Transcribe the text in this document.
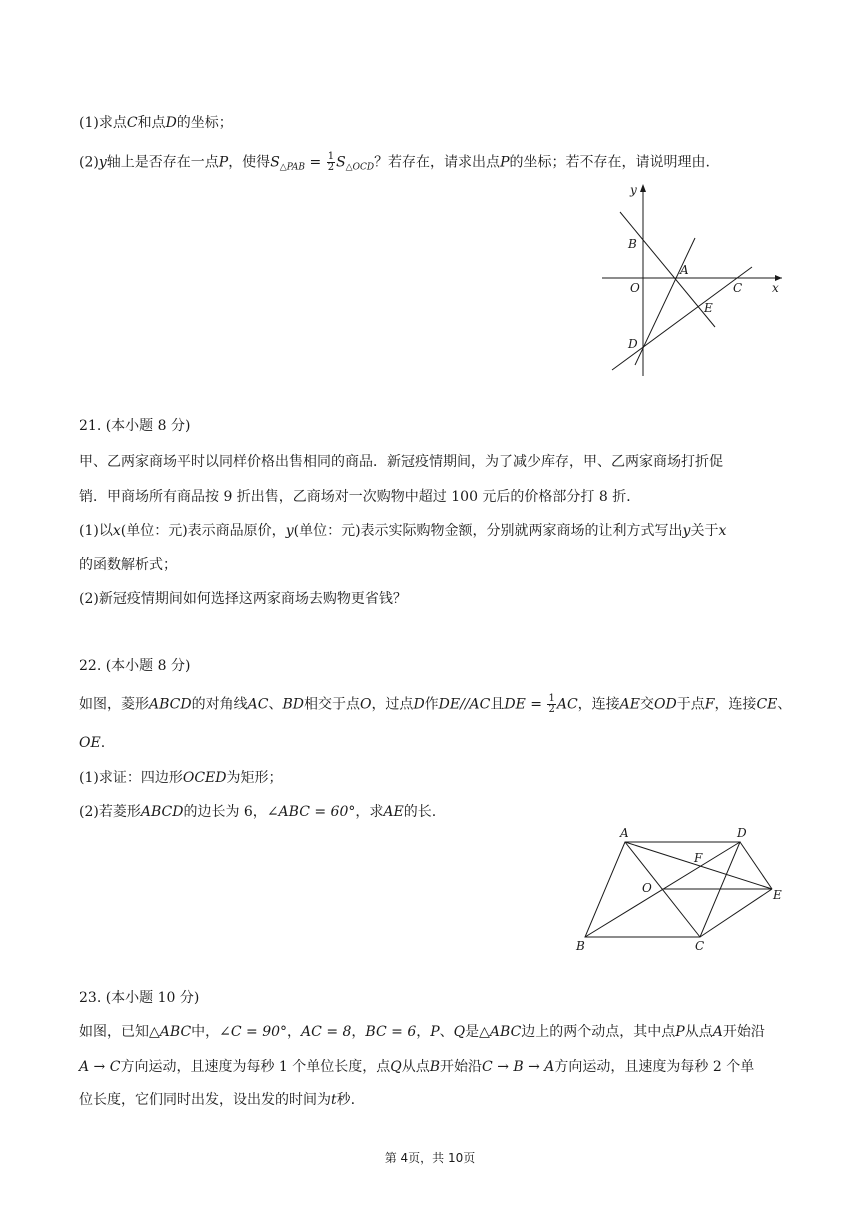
(1)求点C和点D的坐标；
(2)y轴上是否存在一点P，使得$S_{\triangle PAB} = \frac{1}{2} S_{\triangle OCD}$？若存在，请求出点P的坐标；若不存在，请说明理由.
y
x
B
A
O	C
E
D
21. (本小题 8 分)
甲、乙两家商场平时以同样价格出售相同的商品．新冠疫情期间，为了减少库存，甲、乙两家商场打折促
销．甲商场所有商品按 9 折出售，乙商场对一次购物中超过 100 元后的价格部分打 8 折．
(1)以x(单位：元)表示商品原价，y(单位：元)表示实际购物金额，分别就两家商场的让利方式写出y关于x
的函数解析式；
(2)新冠疫情期间如何选择这两家商场去购物更省钱？
22. (本小题 8 分)
如图，菱形ABCD的对角线AC、BD相交于点O，过点D作DE//AC且DE = $\frac{1}{2}$ AC，连接AE交OD于点F，连接CE、
OE.
(1)求证：四边形OCED为矩形；
(2)若菱形ABCD的边长为 6，∠ABC = 60°，求AE的长.
A	D
F
O	E
B	C
23. (本小题 10 分)
如图，已知△ABC中，∠C = 90°，AC = 8，BC = 6，P、Q是△ABC边上的两个动点，其中点P从点A开始沿
A → C方向运动，且速度为每秒 1 个单位长度，点Q从点B开始沿C → B → A方向运动，且速度为每秒 2 个单
位长度，它们同时出发，设出发的时间为t秒.
第 4页，共 10页
